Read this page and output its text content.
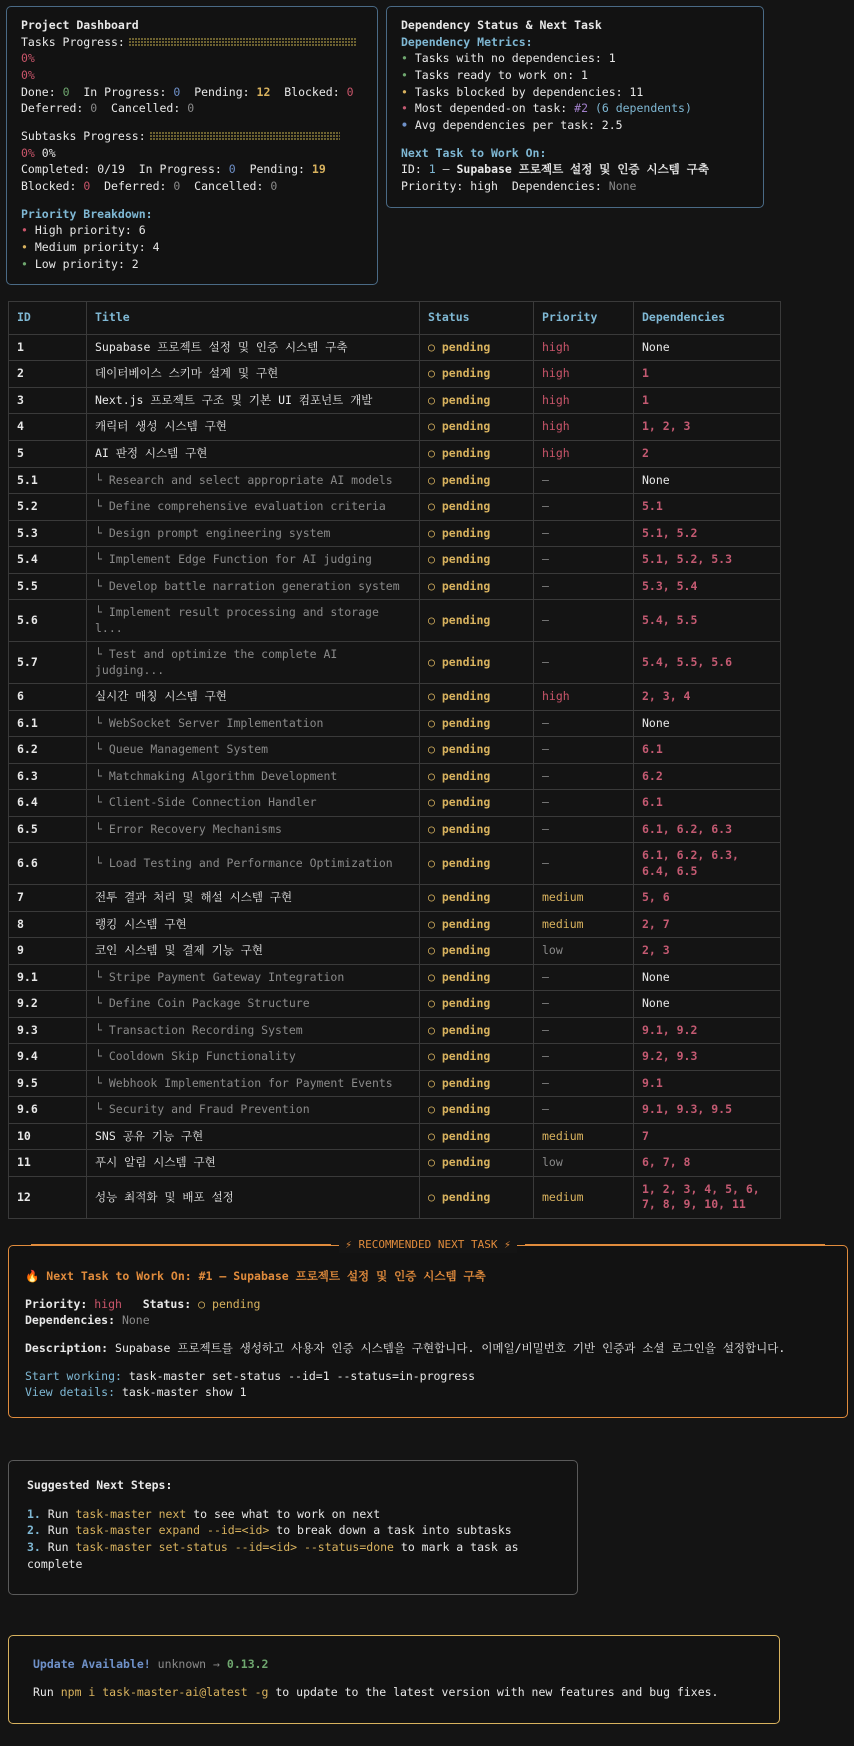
Project Dashboard
Tasks Progress:0%
0%
Done: 0 In Progress: 0 Pending: 12 Blocked: 0
Deferred: 0 Cancelled: 0
Subtasks Progress:
0% 0%
Completed: 0/19 In Progress: 0 Pending: 19
Blocked: 0 Deferred: 0 Cancelled: 0
Priority Breakdown:
• High priority: 6
• Medium priority: 4
• Low priority: 2
Dependency Status & Next Task
Dependency Metrics:
• Tasks with no dependencies: 1
• Tasks ready to work on: 1
• Tasks blocked by dependencies: 11
• Most depended-on task: #2 (6 dependents)
• Avg dependencies per task: 2.5
Next Task to Work On:
ID: 1 – Supabase 프로젝트 설정 및 인증 시스템 구축
Priority: high Dependencies: None
ID	Title	Status	Priority	Dependencies
1	Supabase 프로젝트 설정 및 인증 시스템 구축	○ pending	high	None
2	데이터베이스 스키마 설계 및 구현	○ pending	high	1
3	Next.js 프로젝트 구조 및 기본 UI 컴포넌트 개발	○ pending	high	1
4	캐릭터 생성 시스템 구현	○ pending	high	1, 2, 3
5	AI 판정 시스템 구현	○ pending	high	2
5.1	└ Research and select appropriate AI models	○ pending	–	None
5.2	└ Define comprehensive evaluation criteria	○ pending	–	5.1
5.3	└ Design prompt engineering system	○ pending	–	5.1, 5.2
5.4	└ Implement Edge Function for AI judging	○ pending	–	5.1, 5.2, 5.3
5.5	└ Develop battle narration generation system	○ pending	–	5.3, 5.4
5.6	└ Implement result processing and storage l...	○ pending	–	5.4, 5.5
5.7	└ Test and optimize the complete AI judging...	○ pending	–	5.4, 5.5, 5.6
6	실시간 매칭 시스템 구현	○ pending	high	2, 3, 4
6.1	└ WebSocket Server Implementation	○ pending	–	None
6.2	└ Queue Management System	○ pending	–	6.1
6.3	└ Matchmaking Algorithm Development	○ pending	–	6.2
6.4	└ Client-Side Connection Handler	○ pending	–	6.1
6.5	└ Error Recovery Mechanisms	○ pending	–	6.1, 6.2, 6.3
6.6	└ Load Testing and Performance Optimization	○ pending	–	6.1, 6.2, 6.3, 6.4, 6.5
7	전투 결과 처리 및 해설 시스템 구현	○ pending	medium	5, 6
8	랭킹 시스템 구현	○ pending	medium	2, 7
9	코인 시스템 및 결제 기능 구현	○ pending	low	2, 3
9.1	└ Stripe Payment Gateway Integration	○ pending	–	None
9.2	└ Define Coin Package Structure	○ pending	–	None
9.3	└ Transaction Recording System	○ pending	–	9.1, 9.2
9.4	└ Cooldown Skip Functionality	○ pending	–	9.2, 9.3
9.5	└ Webhook Implementation for Payment Events	○ pending	–	9.1
9.6	└ Security and Fraud Prevention	○ pending	–	9.1, 9.3, 9.5
10	SNS 공유 기능 구현	○ pending	medium	7
11	푸시 알림 시스템 구현	○ pending	low	6, 7, 8
12	성능 최적화 및 배포 설정	○ pending	medium	1, 2, 3, 4, 5, 6, 7, 8, 9, 10, 11
⚡ RECOMMENDED NEXT TASK ⚡
🔥 Next Task to Work On: #1 – Supabase 프로젝트 설정 및 인증 시스템 구축
Priority: high Status: ○ pending
Dependencies: None
Description: Supabase 프로젝트를 생성하고 사용자 인증 시스템을 구현합니다. 이메일/비밀번호 기반 인증과 소셜 로그인을 설정합니다.
Start working: task-master set-status --id=1 --status=in-progress
View details: task-master show 1
Suggested Next Steps:
1. Run task-master next to see what to work on next
2. Run task-master expand --id=<id> to break down a task into subtasks
3. Run task-master set-status --id=<id> --status=done to mark a task as complete
Update Available! unknown → 0.13.2
Run npm i task-master-ai@latest -g to update to the latest version with new features and bug fixes.
